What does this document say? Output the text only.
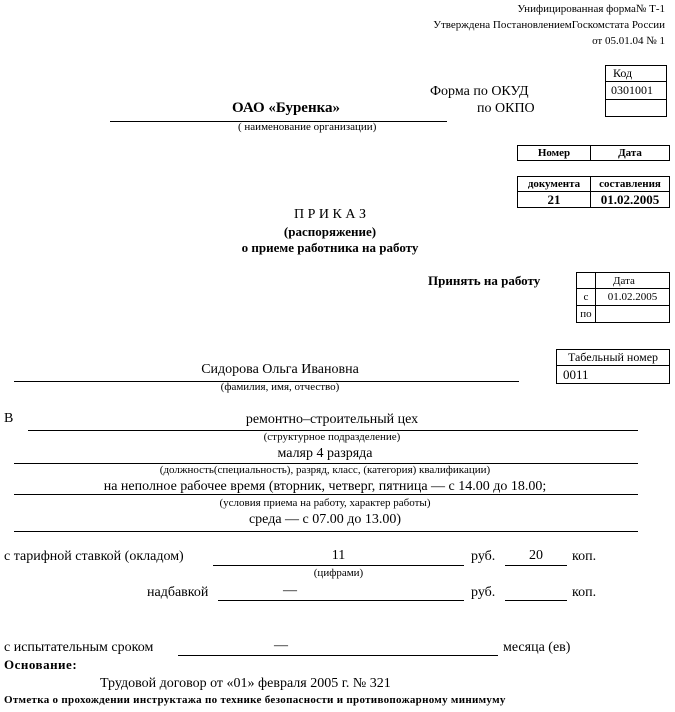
Унифицированная форма№ Т-1
Утверждена ПостановлениемГоскомстата России
от 05.01.04 № 1
Код
0301001
Форма по ОКУД
по ОКПО
ОАО «Буренка»
( наименование организации)
Номер	Дата
документа	составления
21	01.02.2005
П Р И К А З
(распоряжение)
о приеме работника на работу
Принять на работу	Дата
с	01.02.2005
по
Табельный номер
0011
Сидорова Ольга Ивановна
(фамилия, имя, отчество)
В	ремонтно–строительный цех
(структурное подразделение)
маляр 4 разряда
(должность(специальность), разряд, класс, (категория) квалификации)
на неполное рабочее время (вторник, четверг, пятница — с 14.00 до 18.00;
(условия приема на работу, характер работы)
среда — с 07.00 до 13.00)
с тарифной ставкой (окладом)	11	руб.	20	коп.
(цифрами)
надбавкой	—	руб.	коп.
с испытательным сроком	—	месяца (ев)
Основание:
Трудовой договор от «01» февраля 2005 г. № 321
Отметка о прохождении инструктажа по технике безопасности и противопожарному минимуму
